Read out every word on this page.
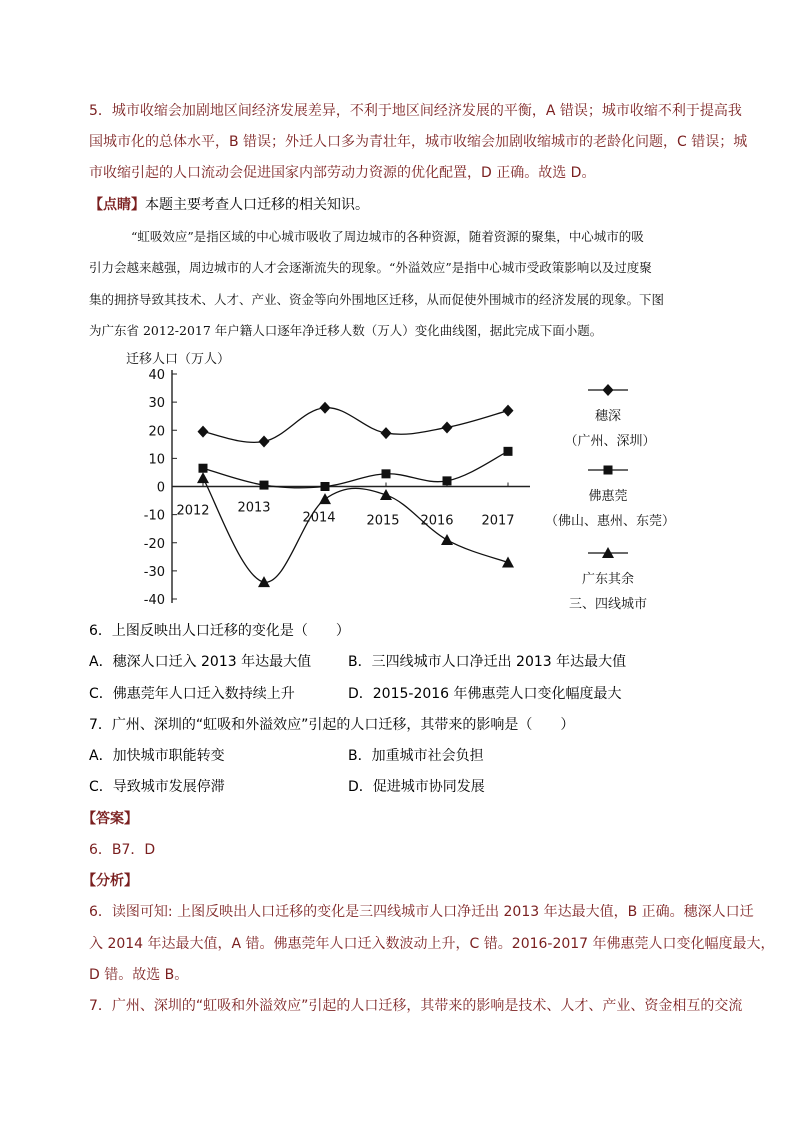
5．城市收缩会加剧地区间经济发展差异，不利于地区间经济发展的平衡，A 错误；城市收缩不利于提高我
国城市化的总体水平，B 错误；外迁人口多为青壮年，城市收缩会加剧收缩城市的老龄化问题，C 错误；城
市收缩引起的人口流动会促进国家内部劳动力资源的优化配置，D 正确。故选 D。
【点睛】本题主要考查人口迁移的相关知识。
“虹吸效应”是指区域的中心城市吸收了周边城市的各种资源，随着资源的聚集，中心城市的吸
引力会越来越强，周边城市的人才会逐渐流失的现象。“外溢效应”是指中心城市受政策影响以及过度聚
集的拥挤导致其技术、人才、产业、资金等向外围地区迁移，从而促使外围城市的经济发展的现象。下图
为广东省 2012-2017 年户籍人口逐年净迁移人数（万人）变化曲线图，据此完成下面小题。
迁移人口（万人）
40
30
20
10
0
-10
-20
-30
-40
2012 2013
2014 2015 2016 2017
穗深
（广州、深圳）
佛惠莞
（佛山、惠州、东莞）
广东其余
三、四线城市
6．上图反映出人口迁移的变化是（　　）
A．穗深人口迁入 2013 年达最大值	B．三四线城市人口净迁出 2013 年达最大值
C．佛惠莞年人口迁入数持续上升	D．2015-2016 年佛惠莞人口变化幅度最大
7．广州、深圳的“虹吸和外溢效应”引起的人口迁移，其带来的影响是（　　）
A．加快城市职能转变	B．加重城市社会负担
C．导致城市发展停滞	D．促进城市协同发展
【答案】
6．B7．D
【分析】
6．读图可知: 上图反映出人口迁移的变化是三四线城市人口净迁出 2013 年达最大值，B 正确。穗深人口迁
入 2014 年达最大值，A 错。佛惠莞年人口迁入数波动上升，C 错。2016-2017 年佛惠莞人口变化幅度最大，
D 错。故选 B。
7．广州、深圳的“虹吸和外溢效应”引起的人口迁移，其带来的影响是技术、人才、产业、资金相互的交流
